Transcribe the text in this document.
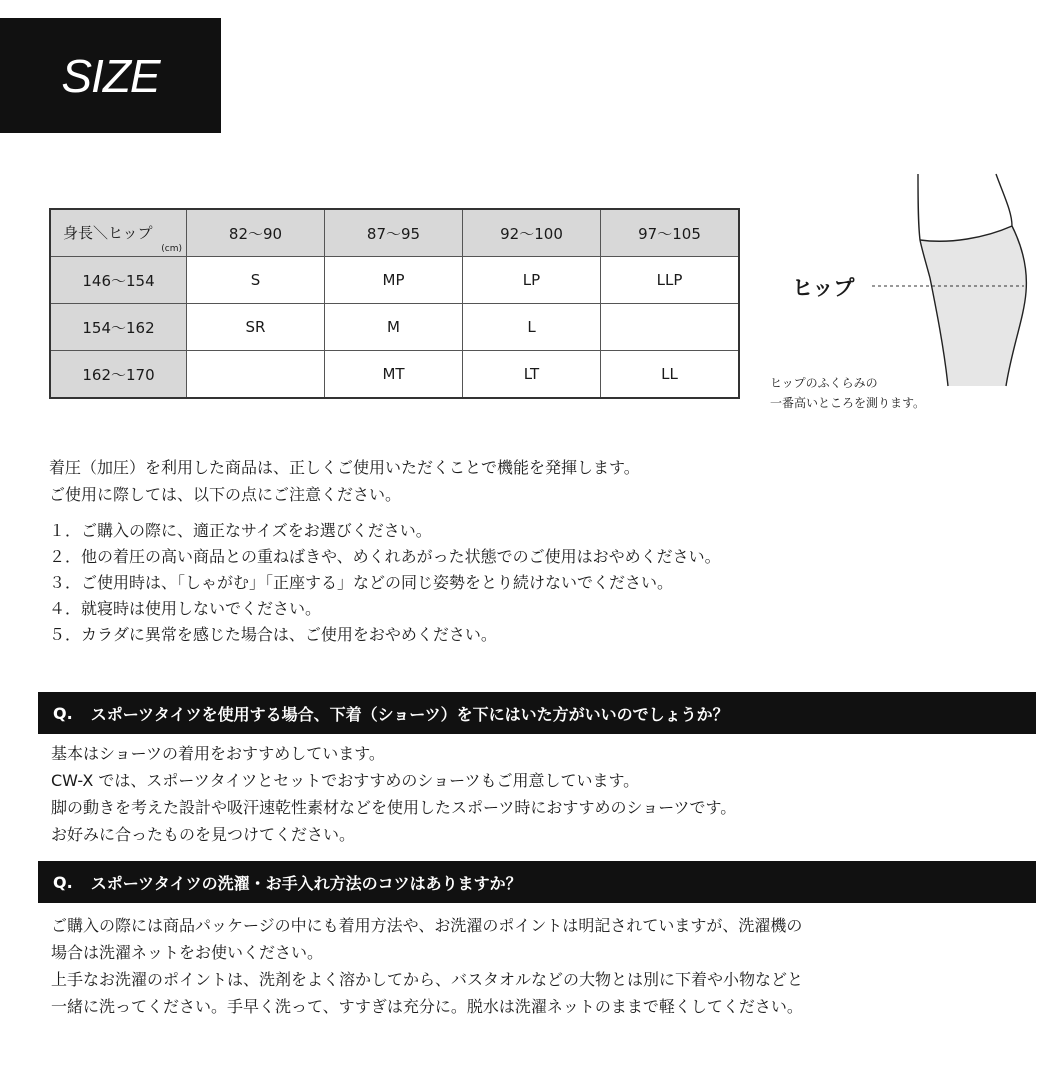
SIZE
身長＼ヒップ
(cm)	82〜90	87〜95	92〜100	97〜105
146〜154	S	MP	LP	LLP
154〜162	SR	M	L	
162〜170		MT	LT	LL
ヒップ
ヒップのふくらみの
一番高いところを測ります。
着圧（加圧）を利用した商品は、正しくご使用いただくことで機能を発揮します。
ご使用に際しては、以下の点にご注意ください。
１．ご購入の際に、適正なサイズをお選びください。
２．他の着圧の高い商品との重ねばきや、めくれあがった状態でのご使用はおやめください。
３．ご使用時は、「しゃがむ」「正座する」などの同じ姿勢をとり続けないでください。
４．就寝時は使用しないでください。
５．カラダに異常を感じた場合は、ご使用をおやめください。
Q. スポーツタイツを使用する場合、下着（ショーツ）を下にはいた方がいいのでしょうか？
基本はショーツの着用をおすすめしています。
CW-X では、スポーツタイツとセットでおすすめのショーツもご用意しています。
脚の動きを考えた設計や吸汗速乾性素材などを使用したスポーツ時におすすめのショーツです。
お好みに合ったものを見つけてください。
Q. スポーツタイツの洗濯・お手入れ方法のコツはありますか？
ご購入の際には商品パッケージの中にも着用方法や、お洗濯のポイントは明記されていますが、洗濯機の
場合は洗濯ネットをお使いください。
上手なお洗濯のポイントは、洗剤をよく溶かしてから、バスタオルなどの大物とは別に下着や小物などと
一緒に洗ってください。手早く洗って、すすぎは充分に。脱水は洗濯ネットのままで軽くしてください。
